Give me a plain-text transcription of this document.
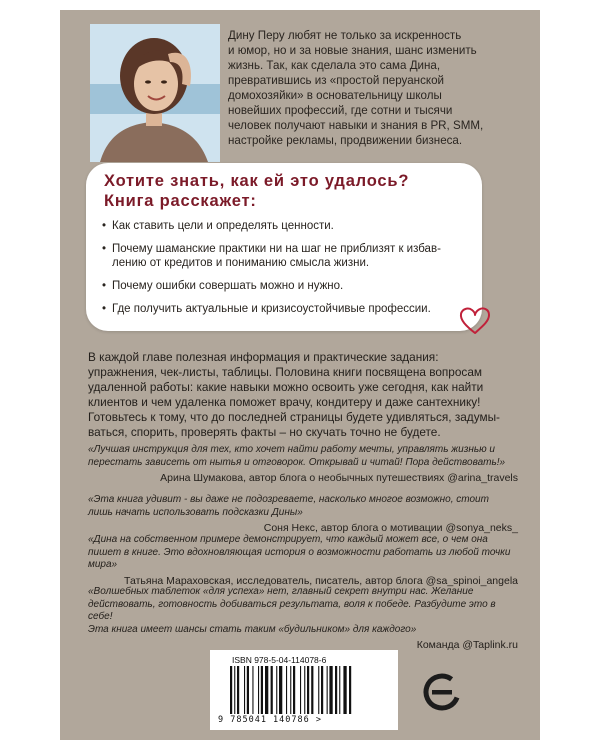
Дину Перу любят не только за искренность
и юмор, но и за новые знания, шанс изменить
жизнь. Так, как сделала это сама Дина,
превратившись из «простой перуанской
домохозяйки» в основательницу школы
новейших профессий, где сотни и тысячи
человек получают навыки и знания в PR, SMM,
настройке рекламы, продвижении бизнеса.
Хотите знать, как ей это удалось?
Книга расскажет:
• Как ставить цели и определять ценности.
• Почему шаманские практики ни на шаг не приблизят к избав-
лению от кредитов и пониманию смысла жизни.
• Почему ошибки совершать можно и нужно.
• Где получить актуальные и кризисоустойчивые профессии.
В каждой главе полезная информация и практические задания:
упражнения, чек-листы, таблицы. Половина книги посвящена вопросам
удаленной работы: какие навыки можно освоить уже сегодня, как найти
клиентов и чем удаленка поможет врачу, кондитеру и даже сантехнику!
Готовьтесь к тому, что до последней страницы будете удивляться, задумы-
ваться, спорить, проверять факты – но скучать точно не будете.
«Лучшая инструкция для тех, кто хочет найти работу мечты, управлять жизнью и
перестать зависеть от нытья и отговорок. Открывай и читай! Пора действовать!»
Арина Шумакова, автор блога о необычных путешествиях @arina_travels
«Эта книга удивит - вы даже не подозреваете, насколько многое возможно, стоит
лишь начать использовать подсказки Дины»
Соня Некс, автор блога о мотивации @sonya_neks_
«Дина на собственном примере демонстрирует, что каждый может все, о чем она
пишет в книге. Это вдохновляющая история о возможности работать из любой точки
мира»
Татьяна Мараховская, исследователь, писатель, автор блога @sa_spinoi_angela
«Волшебных таблеток «для успеха» нет, главный секрет внутри нас. Желание
действовать, готовность добиваться результата, воля к победе. Разбудите это в себе!
Эта книга имеет шансы стать таким «будильником» для каждого»
Команда @Taplink.ru
ISBN 978-5-04-114078-6
9 785041 140786 >
